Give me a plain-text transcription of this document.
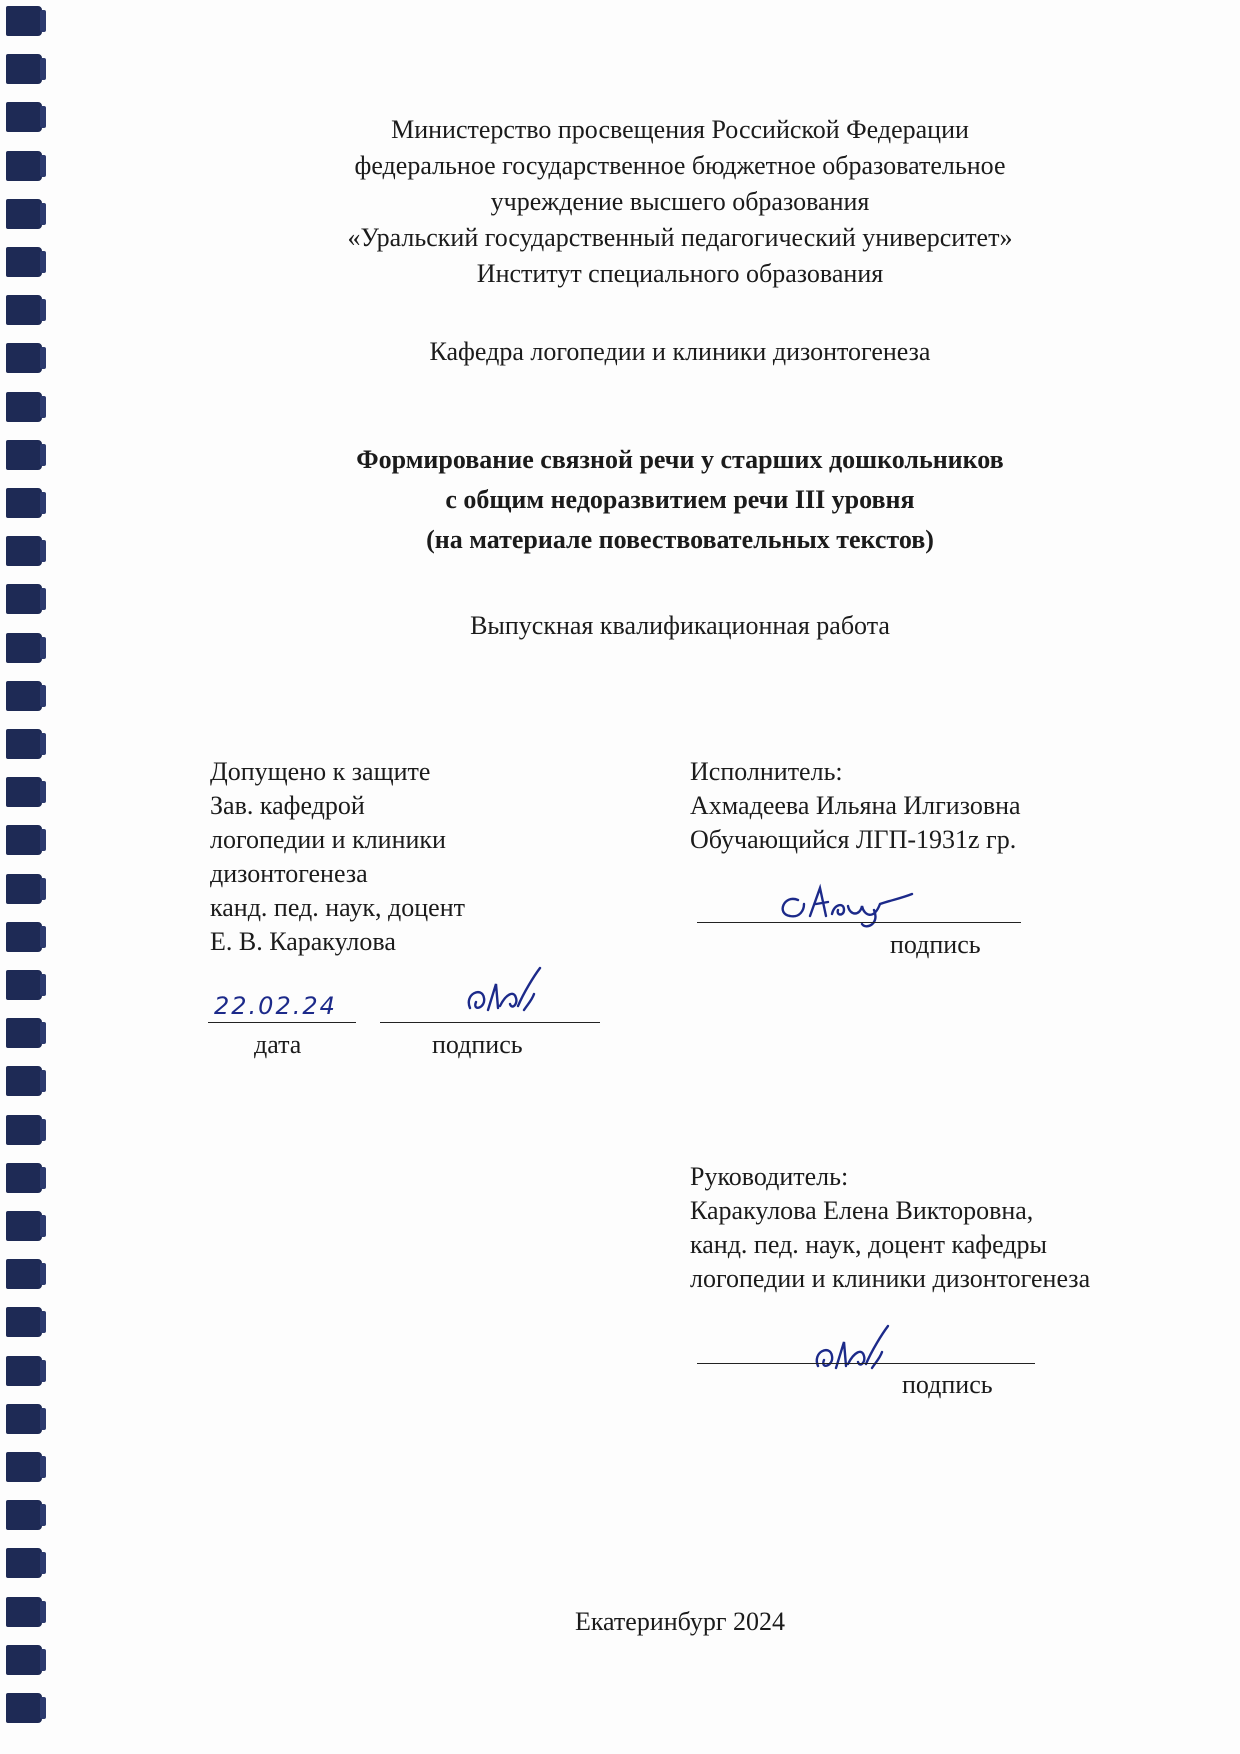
Министерство просвещения Российской Федерации
федеральное государственное бюджетное образовательное
учреждение высшего образования
«Уральский государственный педагогический университет»
Институт специального образования
Кафедра логопедии и клиники дизонтогенеза
Формирование связной речи у старших дошкольников
с общим недоразвитием речи III уровня
(на материале повествовательных текстов)
Выпускная квалификационная работа
Допущено к защите
Зав. кафедрой
логопедии и клиники
дизонтогенеза
канд. пед. наук, доцент
Е. В. Каракулова
22.02.24
дата	подпись
Исполнитель:
Ахмадеева Ильяна Илгизовна
Обучающийся ЛГП-1931z гр.
подпись
Руководитель:
Каракулова Елена Викторовна,
канд. пед. наук, доцент кафедры
логопедии и клиники дизонтогенеза
подпись
Екатеринбург 2024
